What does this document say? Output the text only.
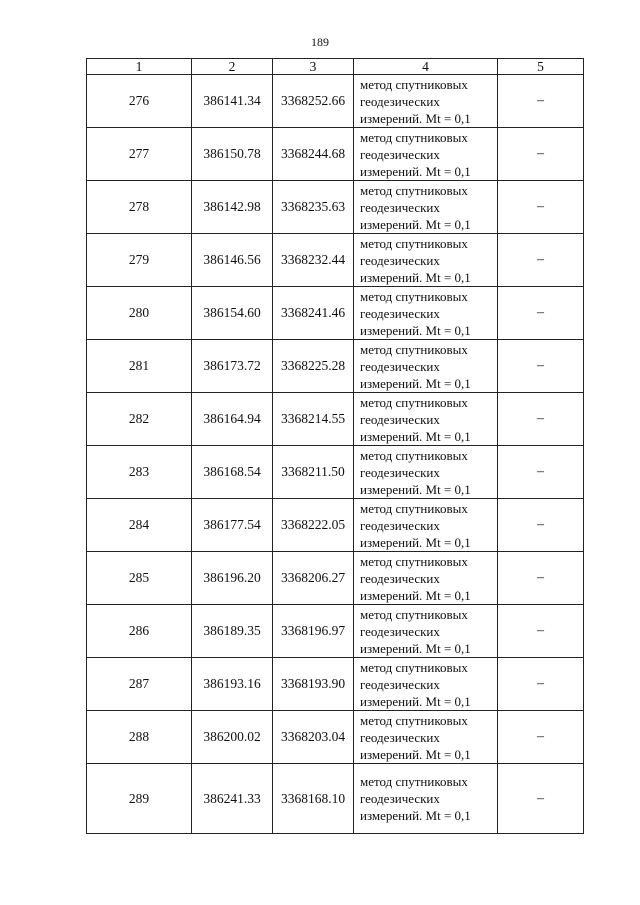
189
1	2	3	4	5
276	386141.34	3368252.66	метод спутниковых
геодезических
измерений. Mt = 0,1	–
277	386150.78	3368244.68	метод спутниковых
геодезических
измерений. Mt = 0,1	–
278	386142.98	3368235.63	метод спутниковых
геодезических
измерений. Mt = 0,1	–
279	386146.56	3368232.44	метод спутниковых
геодезических
измерений. Mt = 0,1	–
280	386154.60	3368241.46	метод спутниковых
геодезических
измерений. Mt = 0,1	–
281	386173.72	3368225.28	метод спутниковых
геодезических
измерений. Mt = 0,1	–
282	386164.94	3368214.55	метод спутниковых
геодезических
измерений. Mt = 0,1	–
283	386168.54	3368211.50	метод спутниковых
геодезических
измерений. Mt = 0,1	–
284	386177.54	3368222.05	метод спутниковых
геодезических
измерений. Mt = 0,1	–
285	386196.20	3368206.27	метод спутниковых
геодезических
измерений. Mt = 0,1	–
286	386189.35	3368196.97	метод спутниковых
геодезических
измерений. Mt = 0,1	–
287	386193.16	3368193.90	метод спутниковых
геодезических
измерений. Mt = 0,1	–
288	386200.02	3368203.04	метод спутниковых
геодезических
измерений. Mt = 0,1	–
289	386241.33	3368168.10	метод спутниковых
геодезических
измерений. Mt = 0,1	–
